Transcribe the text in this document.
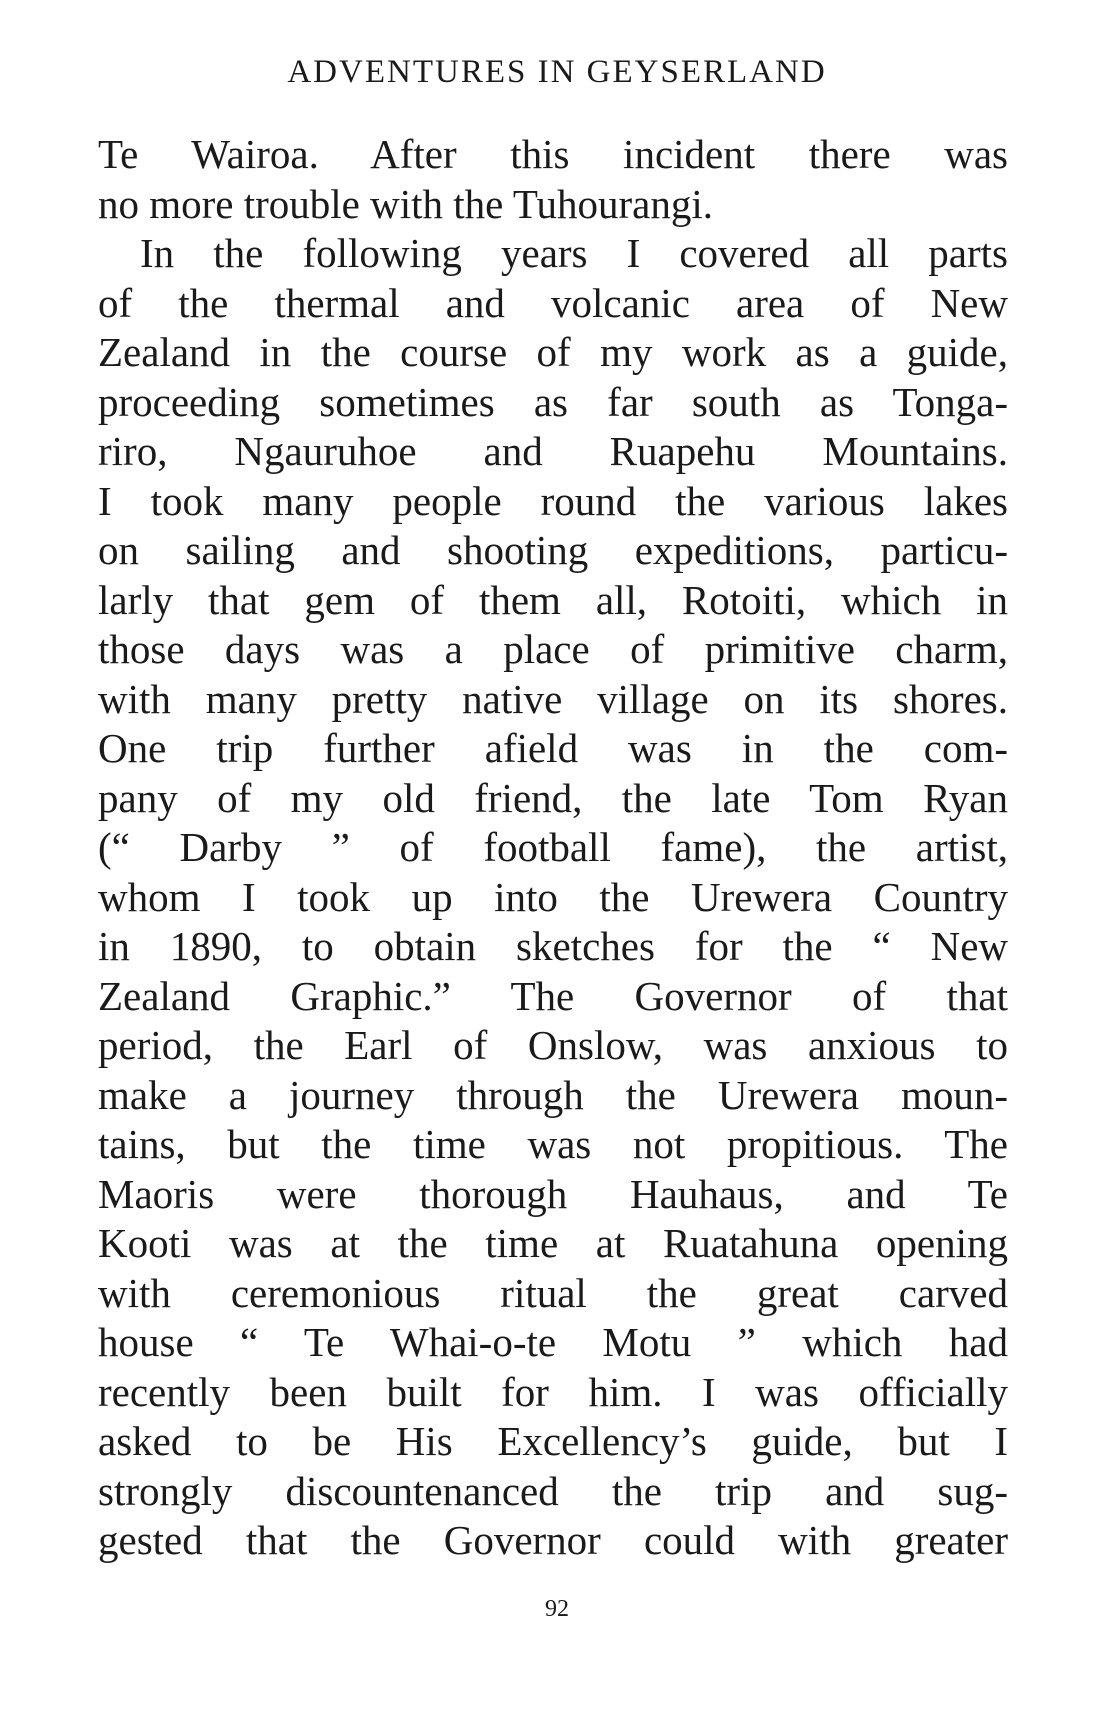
ADVENTURES IN GEYSERLAND
Te Wairoa. After this incident there was
no more trouble with the Tuhourangi.
In the following years I covered all parts
of the thermal and volcanic area of New
Zealand in the course of my work as a guide,
proceeding sometimes as far south as Tonga-
riro, Ngauruhoe and Ruapehu Mountains.
I took many people round the various lakes
on sailing and shooting expeditions, particu-
larly that gem of them all, Rotoiti, which in
those days was a place of primitive charm,
with many pretty native village on its shores.
One trip further afield was in the com-
pany of my old friend, the late Tom Ryan
(“ Darby ” of football fame), the artist,
whom I took up into the Urewera Country
in 1890, to obtain sketches for the “ New
Zealand Graphic.” The Governor of that
period, the Earl of Onslow, was anxious to
make a journey through the Urewera moun-
tains, but the time was not propitious. The
Maoris were thorough Hauhaus, and Te
Kooti was at the time at Ruatahuna opening
with ceremonious ritual the great carved
house “ Te Whai-o-te Motu ” which had
recently been built for him. I was officially
asked to be His Excellency’s guide, but I
strongly discountenanced the trip and sug-
gested that the Governor could with greater
92
